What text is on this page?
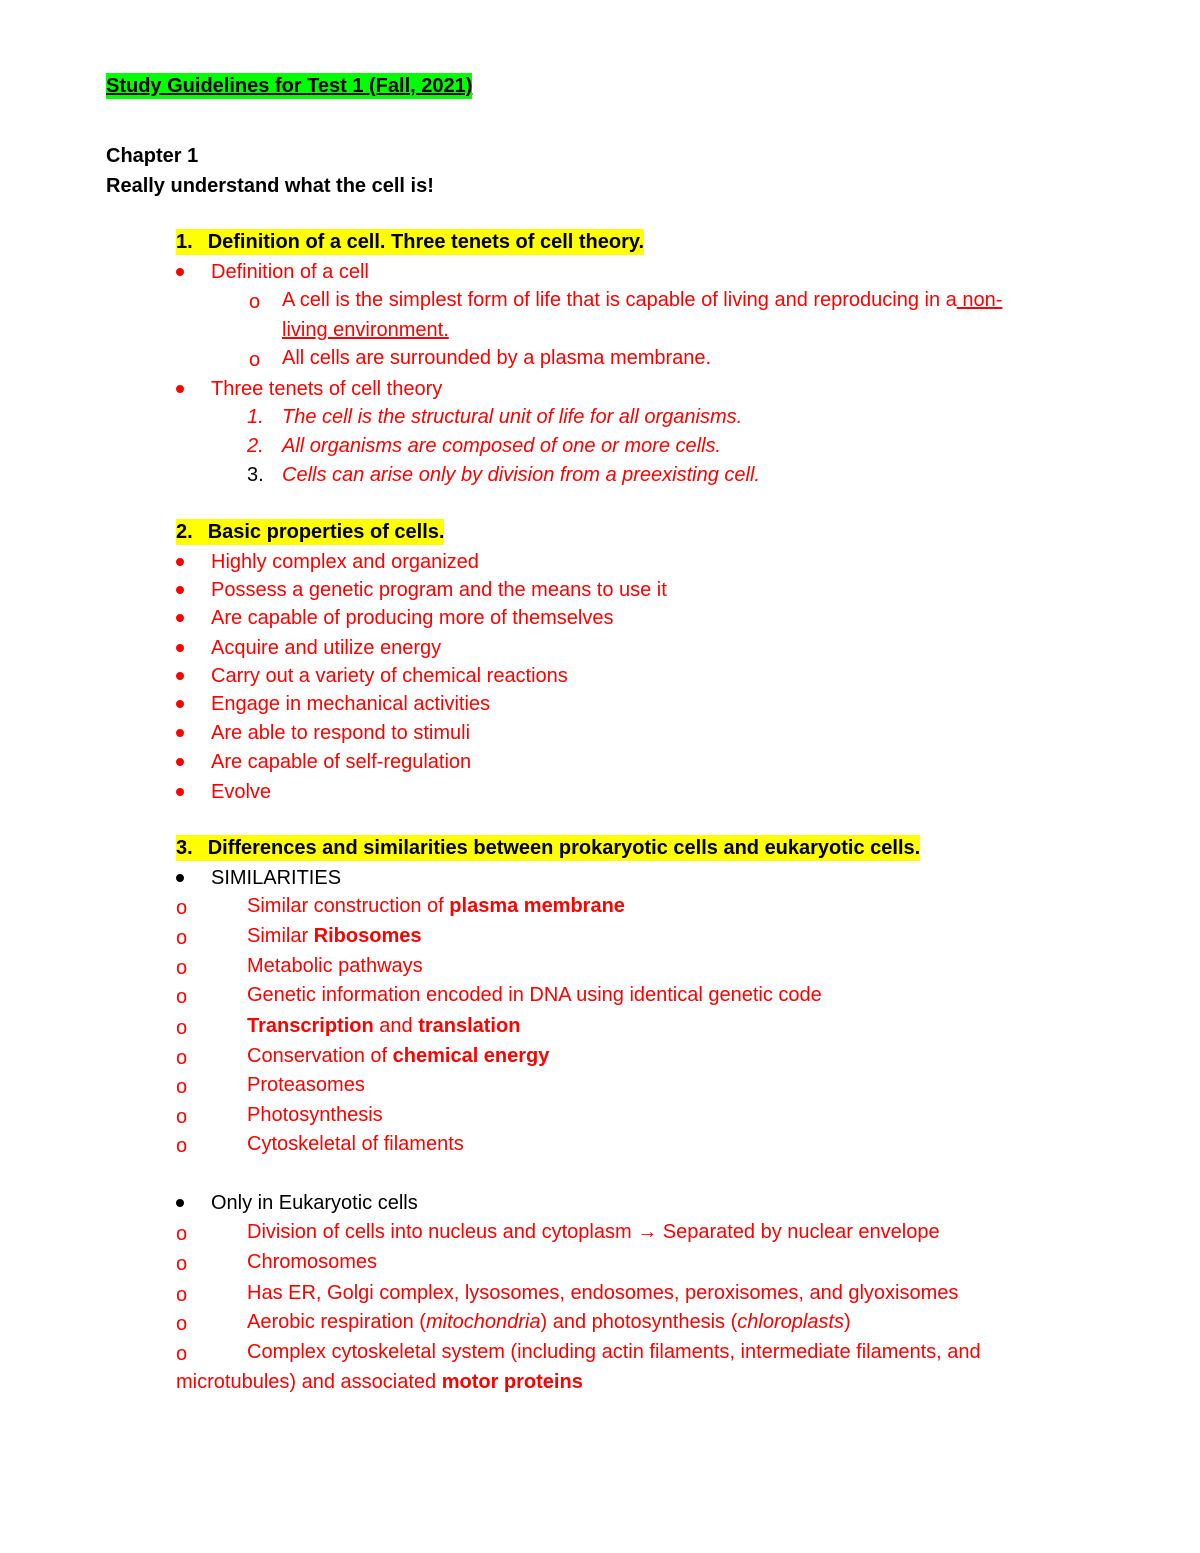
Study Guidelines for Test 1 (Fall, 2021)
Chapter 1
Really understand what the cell is!
1. Definition of a cell. Three tenets of cell theory.
Definition of a cell
o A cell is the simplest form of life that is capable of living and reproducing in a non-
living environment.
o All cells are surrounded by a plasma membrane.
Three tenets of cell theory
1. The cell is the structural unit of life for all organisms.
2. All organisms are composed of one or more cells.
3. Cells can arise only by division from a preexisting cell.
2. Basic properties of cells.
Highly complex and organized
Possess a genetic program and the means to use it
Are capable of producing more of themselves
Acquire and utilize energy
Carry out a variety of chemical reactions
Engage in mechanical activities
Are able to respond to stimuli
Are capable of self-regulation
Evolve
3. Differences and similarities between prokaryotic cells and eukaryotic cells.
SIMILARITIES
o	Similar construction of plasma membrane
o	Similar Ribosomes
o	Metabolic pathways
o	Genetic information encoded in DNA using identical genetic code
o	Transcription and translation
o	Conservation of chemical energy
o	Proteasomes
o	Photosynthesis
o	Cytoskeletal of filaments
Only in Eukaryotic cells
o	Division of cells into nucleus and cytoplasm → Separated by nuclear envelope
o	Chromosomes
o	Has ER, Golgi complex, lysosomes, endosomes, peroxisomes, and glyoxisomes
o	Aerobic respiration (mitochondria) and photosynthesis (chloroplasts)
o	Complex cytoskeletal system (including actin filaments, intermediate filaments, and
microtubules) and associated motor proteins
